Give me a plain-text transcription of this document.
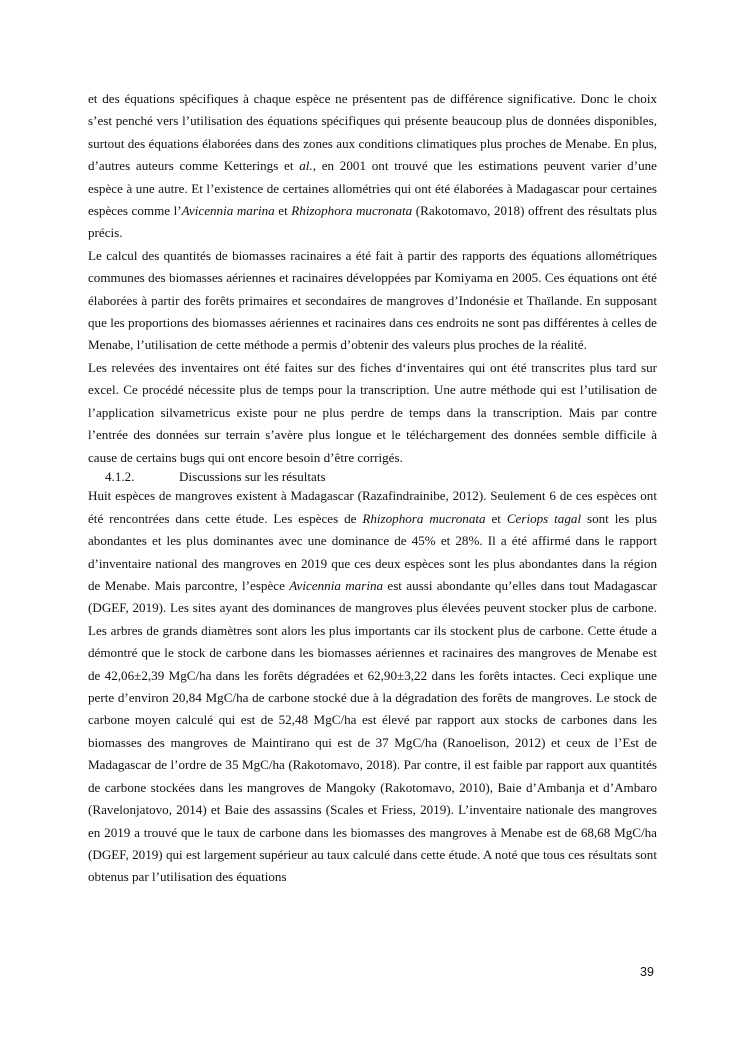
et des équations spécifiques à chaque espèce ne présentent pas de différence significative. Donc le choix s’est penché vers l’utilisation des équations spécifiques qui présente beaucoup plus de données disponibles, surtout des équations élaborées dans des zones aux conditions climatiques plus proches de Menabe. En plus, d’autres auteurs comme Ketterings et al., en 2001 ont trouvé que les estimations peuvent varier d’une espèce à une autre. Et l’existence de certaines allométries qui ont été élaborées à Madagascar pour certaines espèces comme l’Avicennia marina et Rhizophora mucronata (Rakotomavo, 2018) offrent des résultats plus précis.

Le calcul des quantités de biomasses racinaires a été fait à partir des rapports des équations allométriques communes des biomasses aériennes et racinaires développées par Komiyama en 2005. Ces équations ont été élaborées à partir des forêts primaires et secondaires de mangroves d’Indonésie et Thaïlande. En supposant que les proportions des biomasses aériennes et racinaires dans ces endroits ne sont pas différentes à celles de Menabe, l’utilisation de cette méthode a permis d’obtenir des valeurs plus proches de la réalité.

Les relevées des inventaires ont été faites sur des fiches d‘inventaires qui ont été transcrites plus tard sur excel. Ce procédé nécessite plus de temps pour la transcription. Une autre méthode qui est l’utilisation de l’application silvametricus existe pour ne plus perdre de temps dans la transcription. Mais par contre l’entrée des données sur terrain s’avère plus longue et le téléchargement des données semble difficile à cause de certains bugs qui ont encore besoin d’être corrigés.

4.1.2.	Discussions sur les résultats

Huit espèces de mangroves existent à Madagascar (Razafindrainibe, 2012). Seulement 6 de ces espèces ont été rencontrées dans cette étude. Les espèces de Rhizophora mucronata et Ceriops tagal sont les plus abondantes et les plus dominantes avec une dominance de 45% et 28%. Il a été affirmé dans le rapport d’inventaire national des mangroves en 2019 que ces deux espèces sont les plus abondantes dans la région de Menabe. Mais parcontre, l’espèce Avicennia marina est aussi abondante qu’elles dans tout Madagascar (DGEF, 2019). Les sites ayant des dominances de mangroves plus élevées peuvent stocker plus de carbone. Les arbres de grands diamètres sont alors les plus importants car ils stockent plus de carbone. Cette étude a démontré que le stock de carbone dans les biomasses aériennes et racinaires des mangroves de Menabe est de 42,06±2,39 MgC/ha dans les forêts dégradées et 62,90±3,22 dans les forêts intactes. Ceci explique une perte d’environ 20,84 MgC/ha de carbone stocké due à la dégradation des forêts de mangroves. Le stock de carbone moyen calculé qui est de 52,48 MgC/ha est élevé par rapport aux stocks de carbones dans les biomasses des mangroves de Maintirano qui est de 37 MgC/ha (Ranoelison, 2012) et ceux de l’Est de Madagascar de l’ordre de 35 MgC/ha (Rakotomavo, 2018). Par contre, il est faible par rapport aux quantités de carbone stockées dans les mangroves de Mangoky (Rakotomavo, 2010), Baie d’Ambanja et d’Ambaro (Ravelonjatovo, 2014) et Baie des assassins (Scales et Friess, 2019). L’inventaire nationale des mangroves en 2019 a trouvé que le taux de carbone dans les biomasses des mangroves à Menabe est de 68,68 MgC/ha (DGEF, 2019) qui est largement supérieur au taux calculé dans cette étude. A noté que tous ces résultats sont obtenus par l’utilisation des équations

39
